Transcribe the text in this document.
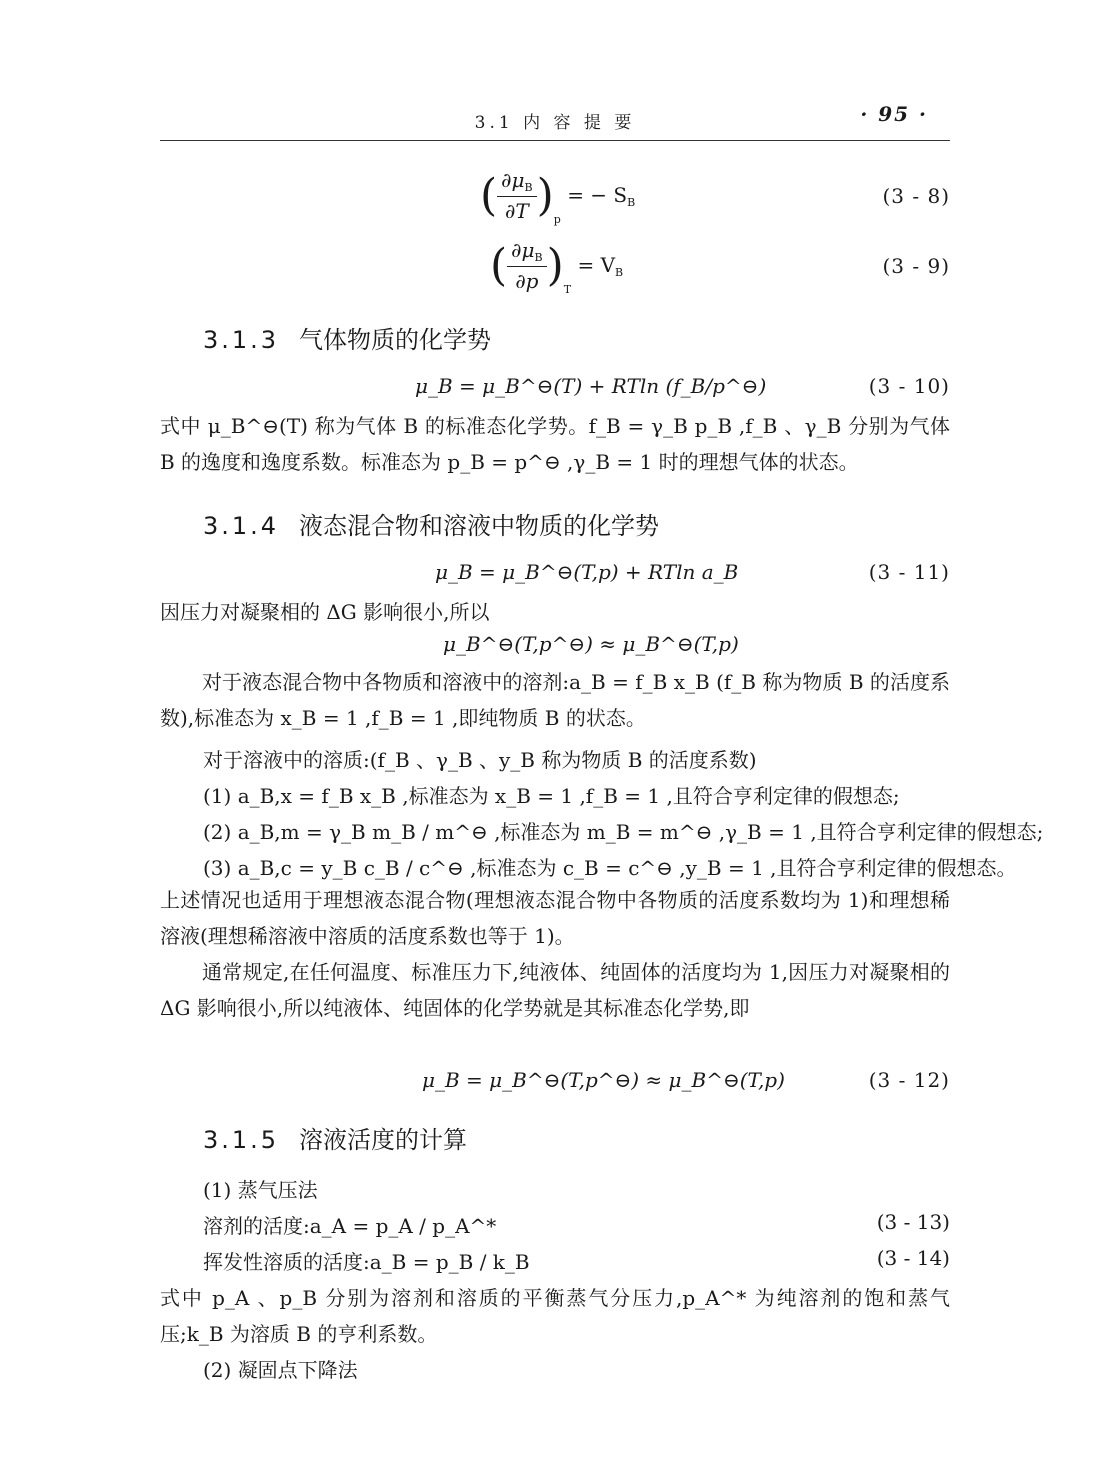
3.1 内 容 提 要	· 95 ·
( $\frac{\partial\mu_B}{\partial T} )_p$ = − $S_B$	(3 - 8)
( $\frac{\partial\mu_B}{\partial p} )_T = V_B$	(3 - 9)
3.1.3 气体物质的化学势
μ_B = μ_B^⊖(T) + RTln (f_B/p^⊖)	(3 - 10)
式中 μ_B^⊖(T) 称为气体 B 的标准态化学势。f_B = γ_B p_B ,f_B 、γ_B 分别为气体 B 的逸度和逸度系数。标准态为 p_B = p^⊖ ,γ_B = 1 时的理想气体的状态。
3.1.4 液态混合物和溶液中物质的化学势
μ_B = μ_B^⊖(T,p) + RTln a_B	(3 - 11)
因压力对凝聚相的 ΔG 影响很小,所以
μ_B^⊖(T,p^⊖) ≈ μ_B^⊖(T,p)
对于液态混合物中各物质和溶液中的溶剂:a_B = f_B x_B (f_B 称为物质 B 的活度系数),标准态为 x_B = 1 ,f_B = 1 ,即纯物质 B 的状态。
对于溶液中的溶质:(f_B 、γ_B 、y_B 称为物质 B 的活度系数)
(1) a_B,x = f_B x_B ,标准态为 x_B = 1 ,f_B = 1 ,且符合亨利定律的假想态;
(2) a_B,m = γ_B m_B / m^⊖ ,标准态为 m_B = m^⊖ ,γ_B = 1 ,且符合亨利定律的假想态;
(3) a_B,c = y_B c_B / c^⊖ ,标准态为 c_B = c^⊖ ,y_B = 1 ,且符合亨利定律的假想态。
上述情况也适用于理想液态混合物(理想液态混合物中各物质的活度系数均为 1)和理想稀溶液(理想稀溶液中溶质的活度系数也等于 1)。
通常规定,在任何温度、标准压力下,纯液体、纯固体的活度均为 1,因压力对凝聚相的 ΔG 影响很小,所以纯液体、纯固体的化学势就是其标准态化学势,即
μ_B = μ_B^⊖(T,p^⊖) ≈ μ_B^⊖(T,p)	(3 - 12)
3.1.5 溶液活度的计算
(1) 蒸气压法
溶剂的活度:a_A = p_A / p_A^*	(3 - 13)
挥发性溶质的活度:a_B = p_B / k_B	(3 - 14)
式中 p_A 、p_B 分别为溶剂和溶质的平衡蒸气分压力,p_A^* 为纯溶剂的饱和蒸气压;k_B 为溶质 B 的亨利系数。
(2) 凝固点下降法
